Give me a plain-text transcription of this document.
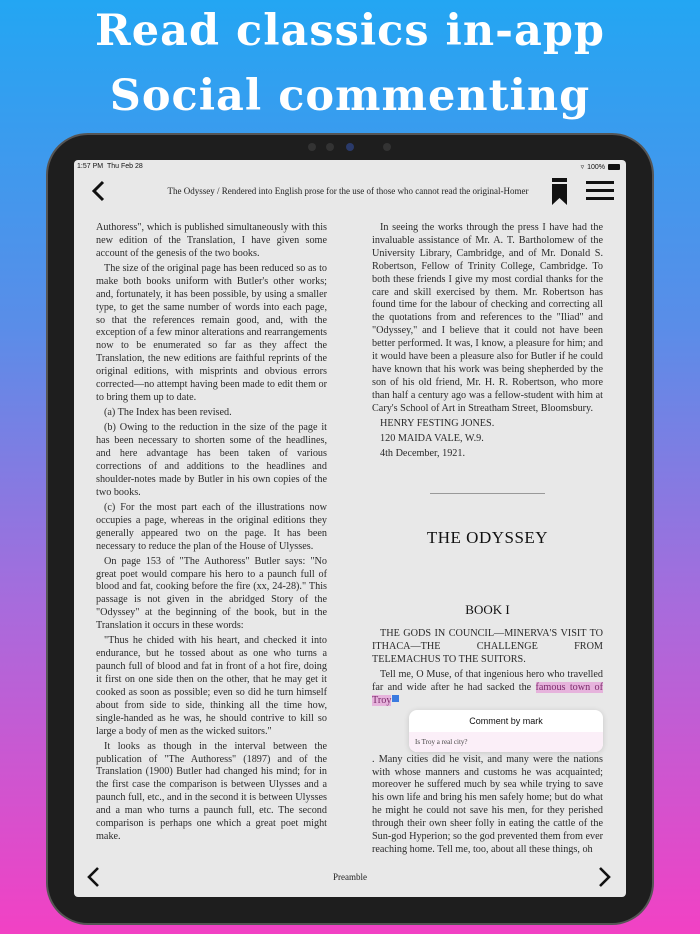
Read classics in-app
Social commenting
1:57 PM Thu Feb 28	▿ 100%
The Odyssey / Rendered into English prose for the use of those who cannot read the original-Homer

Authoress", which is published simultaneously with this new edition of the Translation, I have given some account of the genesis of the two books.

The size of the original page has been reduced so as to make both books uniform with Butler's other works; and, fortunately, it has been possible, by using a smaller type, to get the same number of words into each page, so that the references remain good, and, with the exception of a few minor alterations and rearrangements now to be enumerated so far as they affect the Translation, the new editions are faithful reprints of the original editions, with misprints and obvious errors corrected—no attempt having been made to edit them or to bring them up to date.

(a) The Index has been revised.

(b) Owing to the reduction in the size of the page it has been necessary to shorten some of the headlines, and here advantage has been taken of various corrections of and additions to the headlines and shoulder-notes made by Butler in his own copies of the two books.

(c) For the most part each of the illustrations now occupies a page, whereas in the original editions they generally appeared two on the page. It has been necessary to reduce the plan of the House of Ulysses.

On page 153 of "The Authoress" Butler says: "No great poet would compare his hero to a paunch full of blood and fat, cooking before the fire (xx, 24-28)." This passage is not given in the abridged Story of the "Odyssey" at the beginning of the book, but in the Translation it occurs in these words:

"Thus he chided with his heart, and checked it into endurance, but he tossed about as one who turns a paunch full of blood and fat in front of a hot fire, doing it first on one side then on the other, that he may get it cooked as soon as possible; even so did he turn himself about from side to side, thinking all the time how, single-handed as he was, he should contrive to kill so large a body of men as the wicked suitors."

It looks as though in the interval between the publication of "The Authoress" (1897) and of the Translation (1900) Butler had changed his mind; for in the first case the comparison is between Ulysses and a paunch full, etc., and in the second it is between Ulysses and a man who turns a paunch full, etc. The second comparison is perhaps one which a great poet might make.

In seeing the works through the press I have had the invaluable assistance of Mr. A. T. Bartholomew of the University Library, Cambridge, and of Mr. Donald S. Robertson, Fellow of Trinity College, Cambridge. To both these friends I give my most cordial thanks for the care and skill exercised by them. Mr. Robertson has found time for the labour of checking and correcting all the quotations from and references to the "Iliad" and "Odyssey," and I believe that it could not have been better performed. It was, I know, a pleasure for him; and it would have been a pleasure also for Butler if he could have known that his work was being shepherded by the son of his old friend, Mr. H. R. Robertson, who more than half a century ago was a fellow-student with him at Cary's School of Art in Streatham Street, Bloomsbury.

HENRY FESTING JONES.

120 MAIDA VALE, W.9.

4th December, 1921.

THE ODYSSEY
BOOK I

THE GODS IN COUNCIL—MINERVA'S VISIT TO ITHACA—THE CHALLENGE FROM TELEMACHUS TO THE SUITORS.

Tell me, O Muse, of that ingenious hero who travelled far and wide after he had sacked the famous town of Troy
Comment by mark
Is Troy a real city?
. Many cities did he visit, and many were the nations with whose manners and customs he was acquainted; moreover he suffered much by sea while trying to save his own life and bring his men safely home; but do what he might he could not save his men, for they perished through their own sheer folly in eating the cattle of the Sun-god Hyperion; so the god prevented them from ever reaching home. Tell me, too, about all these things, oh

Preamble
